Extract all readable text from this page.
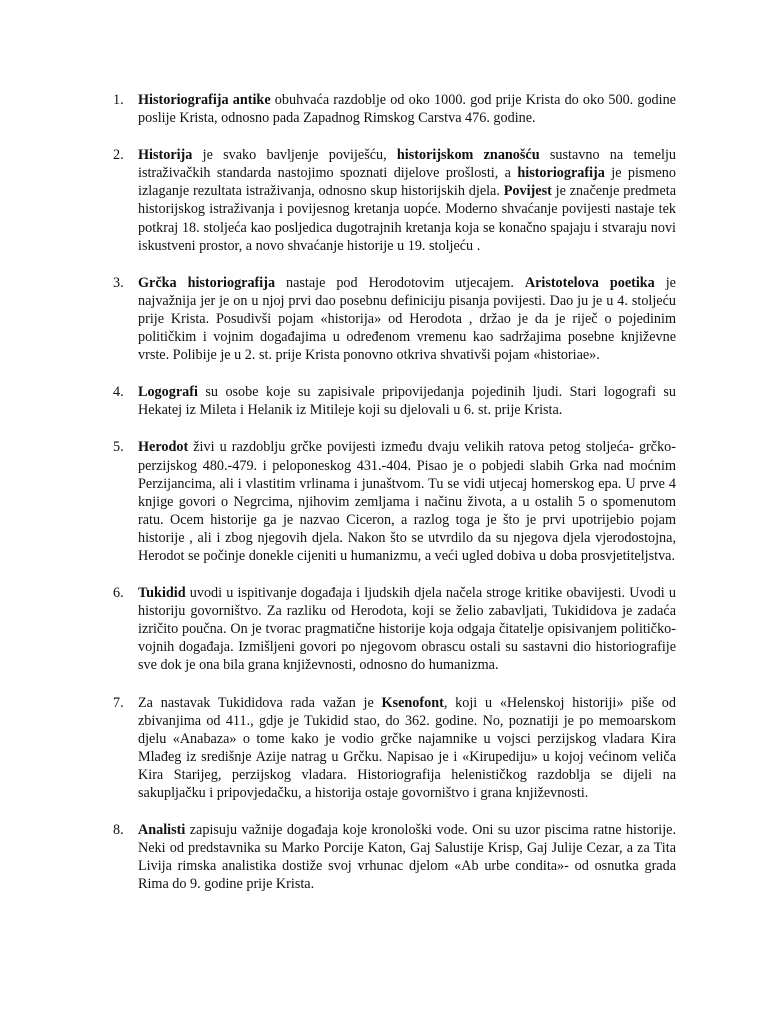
1. Historiografija antike obuhvaća razdoblje od oko 1000. god prije Krista do oko 500. godine poslije Krista, odnosno pada Zapadnog Rimskog Carstva 476. godine.
2. Historija je svako bavljenje poviješću, historijskom znanošću sustavno na temelju istraživačkih standarda nastojimo spoznati dijelove prošlosti, a historiografija je pismeno izlaganje rezultata istraživanja, odnosno skup historijskih djela. Povijest je značenje predmeta historijskog istraživanja i povijesnog kretanja uopće. Moderno shvaćanje povijesti nastaje tek potkraj 18. stoljeća kao posljedica dugotrajnih kretanja koja se konačno spajaju i stvaraju novi iskustveni prostor, a novo shvaćanje historije u 19. stoljeću .
3. Grčka historiografija nastaje pod Herodotovim utjecajem. Aristotelova poetika je najvažnija jer je on u njoj prvi dao posebnu definiciju pisanja povijesti. Dao ju je u 4. stoljeću prije Krista. Posudivši pojam «historija» od Herodota , držao je da je riječ o pojedinim političkim i vojnim događajima u određenom vremenu kao sadržajima posebne književne vrste. Polibije je u 2. st. prije Krista ponovno otkriva shvativši pojam «historiae».
4. Logografi su osobe koje su zapisivale pripovijedanja pojedinih ljudi. Stari logografi su Hekatej iz Mileta i Helanik iz Mitileje koji su djelovali u 6. st. prije Krista.
5. Herodot živi u razdoblju grčke povijesti između dvaju velikih ratova petog stoljeća- grčko-perzijskog 480.-479. i peloponeskog 431.-404. Pisao je o pobjedi slabih Grka nad moćnim Perzijancima, ali i vlastitim vrlinama i junaštvom. Tu se vidi utjecaj homerskog epa. U prve 4 knjige govori o Negrcima, njihovim zemljama i načinu života, a u ostalih 5 o spomenutom ratu. Ocem historije ga je nazvao Ciceron, a razlog toga je što je prvi upotrijebio pojam historije , ali i zbog njegovih djela. Nakon što se utvrdilo da su njegova djela vjerodostojna, Herodot se počinje donekle cijeniti u humanizmu, a veći ugled dobiva u doba prosvjetiteljstva.
6. Tukidid uvodi u ispitivanje događaja i ljudskih djela načela stroge kritike obavijesti. Uvodi u historiju govorništvo. Za razliku od Herodota, koji se želio zabavljati, Tukididova je zadaća izričito poučna. On je tvorac pragmatične historije koja odgaja čitatelje opisivanjem političko-vojnih događaja. Izmišljeni govori po njegovom obrascu ostali su sastavni dio historiografije sve dok je ona bila grana književnosti, odnosno do humanizma.
7. Za nastavak Tukididova rada važan je Ksenofont, koji u «Helenskoj historiji» piše od zbivanjima od 411., gdje je Tukidid stao, do 362. godine. No, poznatiji je po memoarskom djelu «Anabaza» o tome kako je vodio grčke najamnike u vojsci perzijskog vladara Kira Mlađeg iz središnje Azije natrag u Grčku. Napisao je i «Kirupediju» u kojoj većinom veliča Kira Starijeg, perzijskog vladara. Historiografija helenističkog razdoblja se dijeli na sakupljačku i pripovjedačku, a historija ostaje govorništvo i grana književnosti.
8. Analisti zapisuju važnije događaja koje kronološki vode. Oni su uzor piscima ratne historije. Neki od predstavnika su Marko Porcije Katon, Gaj Salustije Krisp, Gaj Julije Cezar, a za Tita Livija rimska analistika dostiže svoj vrhunac djelom «Ab urbe condita»- od osnutka grada Rima do 9. godine prije Krista.
